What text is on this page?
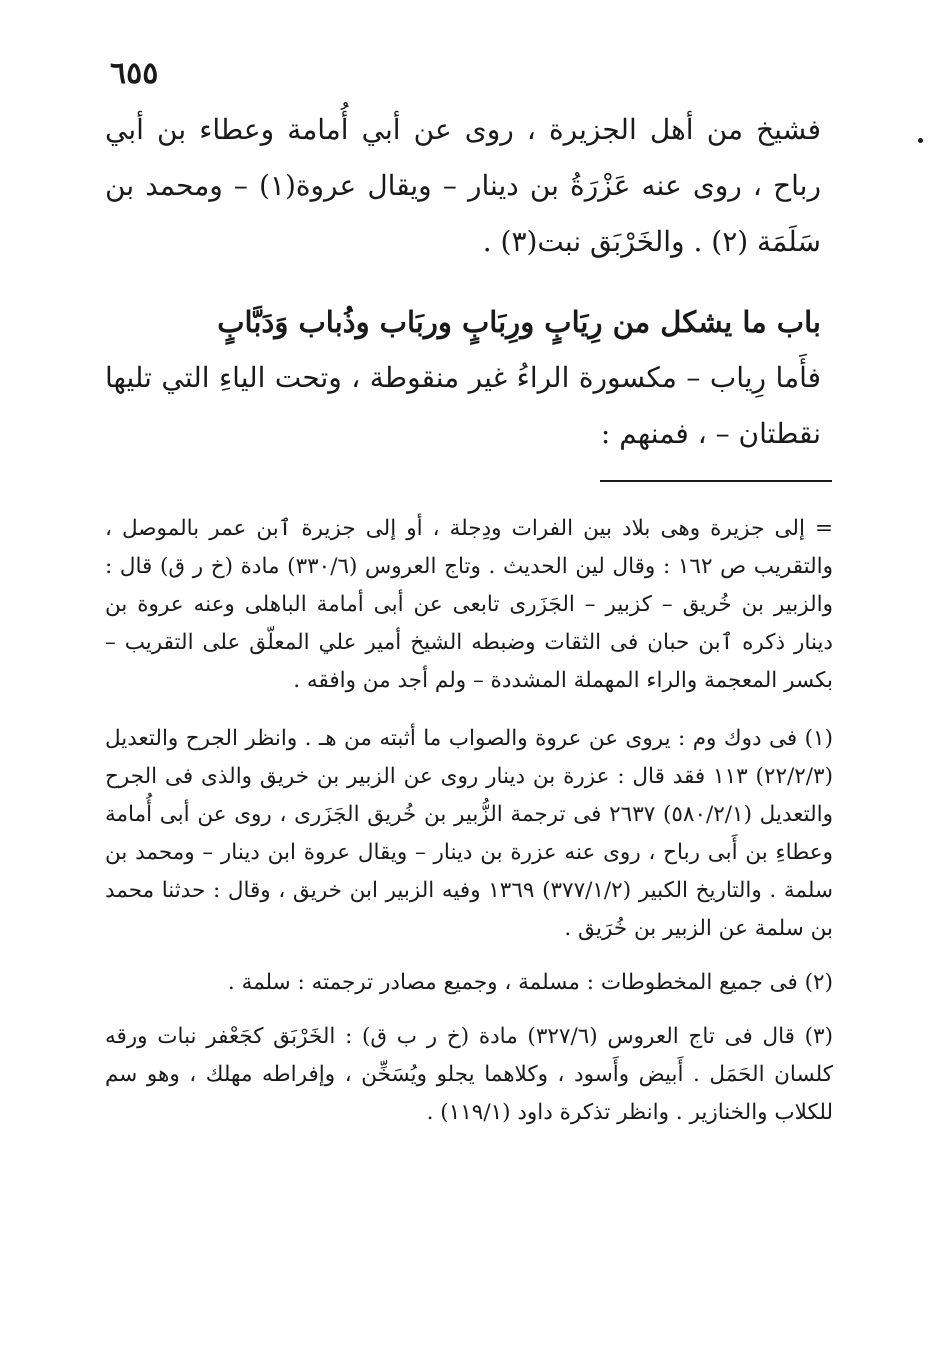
٦٥٥

فشيخ من أهل الجزيرة ، روى عن أبي أُمامة وعطاء بن أبي رباح ، روى عنه عَزْرَةُ بن دينار – ويقال عروة(١) – ومحمد بن سَلَمَة (٢) . والخَرْبَق نبت(٣) .

باب ما يشكل من رِيَابٍ ورِبَابٍ وربَاب وذُباب وَدَبَّابٍ

فأَما رِياب – مكسورة الراءُ غير منقوطة ، وتحت الياءِ التي تليها نقطتان – ، فمنهم :

= إلى جزيرة وهى بلاد بين الفرات ودِجلة ، أو إلى جزيرة ٱبن عمر بالموصل ، والتقريب ص ١٦٢ : وقال لين الحديث . وتاج العروس (٣٣٠/٦) مادة (خ ر ق) قال : والزبير بن خُريق – كزبير – الجَزَرى تابعى عن أبى أمامة الباهلى وعنه عروة بن دينار ذكره ٱبن حبان فى الثقات وضبطه الشيخ أمير علي المعلّق على التقريب – بكسر المعجمة والراء المهملة المشددة – ولم أجد من وافقه .

(١) فى دوك وم : يروى عن عروة والصواب ما أثبته من هـ . وانظر الجرح والتعديل (٢٢/٢/٣) ١١٣ فقد قال : عزرة بن دينار روى عن الزبير بن خريق والذى فى الجرح والتعديل (٥٨٠/٢/١) ٢٦٣٧ فى ترجمة الزُّبير بن خُريق الجَزَرى ، روى عن أبى أُمامة وعطاءِ بن أَبى رباح ، روى عنه عزرة بن دينار – ويقال عروة ابن دينار – ومحمد بن سلمة . والتاريخ الكبير (٣٧٧/١/٢) ١٣٦٩ وفيه الزبير ابن خريق ، وقال : حدثنا محمد بن سلمة عن الزبير بن خُرَيق .

(٢) فى جميع المخطوطات : مسلمة ، وجميع مصادر ترجمته : سلمة .

(٣) قال فى تاج العروس (٣٢٧/٦) مادة (خ ر ب ق) : الخَرْبَق كجَعْفر نبات ورقه كلسان الحَمَل . أَبيض وأَسود ، وكلاهما يجلو ويُسَخِّن ، وإفراطه مهلك ، وهو سم للكلاب والخنازير . وانظر تذكرة داود (١١٩/١) .
